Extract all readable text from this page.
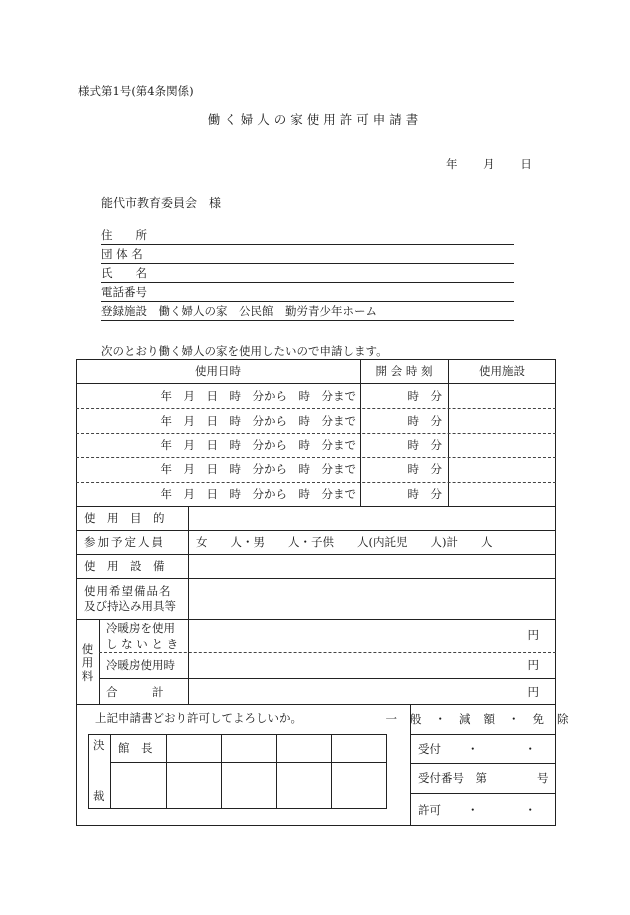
様式第1号(第4条関係)
働く婦人の家使用許可申請書
年 月 日
能代市教育委員会　様
住　　所
団 体 名
氏　　名
電話番号
登録施設　働く婦人の家　公民館　勤労青少年ホーム
次のとおり働く婦人の家を使用したいので申請します。
使用日時	開 会 時 刻	使用施設
年　月　日　時　分から　時　分まで	時　分
年　月　日　時　分から　時　分まで	時　分
年　月　日　時　分から　時　分まで	時　分
年　月　日　時　分から　時　分まで	時　分
年　月　日　時　分から　時　分まで	時　分
使　用　目　的
参加予定人員	女　　人・男　　人・子供　　人(内託児　　人)計　　人
使　用　設　備
使用希望備品名
及び持込み用具等
使用料
冷暖房を使用
し な い と き
円
冷暖房使用時	円
合　　　計	円
上記申請書どおり許可してよろしいか。
決
裁
館　長
一般・減額・免除
受付 ・　　　　・
受付番号　第	号
許可 ・　　　　・
